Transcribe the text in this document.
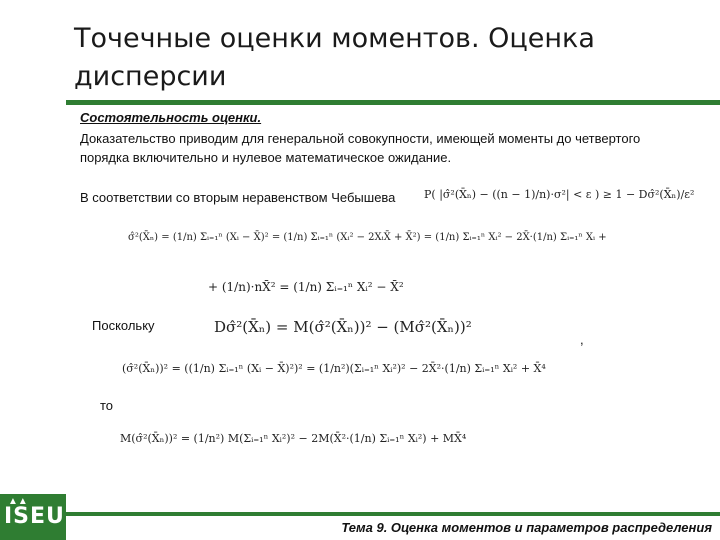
Точечные оценки моментов. Оценка дисперсии
Состоятельность оценки.
Доказательство приводим для генеральной совокупности, имеющей моменты до четвертого порядка включительно и нулевое математическое ожидание.
В соответствии со вторым неравенством Чебышева	P( |σ̂²(X̄ₙ) − ((n − 1)/n)·σ²| < ε ) ≥ 1 − Dσ̂²(X̄ₙ)/ε²
σ̂²(X̄ₙ) = (1/n) Σᵢ₌₁ⁿ (Xᵢ − X̄)² = (1/n) Σᵢ₌₁ⁿ (Xᵢ² − 2XᵢX̄ + X̄²) = (1/n) Σᵢ₌₁ⁿ Xᵢ² − 2X̄·(1/n) Σᵢ₌₁ⁿ Xᵢ +
+ (1/n)·nX̄² = (1/n) Σᵢ₌₁ⁿ Xᵢ² − X̄²
Поскольку	Dσ̂²(X̄ₙ) = M(σ̂²(X̄ₙ))² − (Mσ̂²(X̄ₙ))²
,
(σ̂²(X̄ₙ))² = ((1/n) Σᵢ₌₁ⁿ (Xᵢ − X̄)²)² = (1/n²)(Σᵢ₌₁ⁿ Xᵢ²)² − 2X̄²·(1/n) Σᵢ₌₁ⁿ Xᵢ² + X̄⁴
то
M(σ̂²(X̄ₙ))² = (1/n²) M(Σᵢ₌₁ⁿ Xᵢ²)² − 2M(X̄²·(1/n) Σᵢ₌₁ⁿ Xᵢ²) + MX̄⁴
▲▲
ISEU	Тема 9. Оценка моментов и параметров распределения
